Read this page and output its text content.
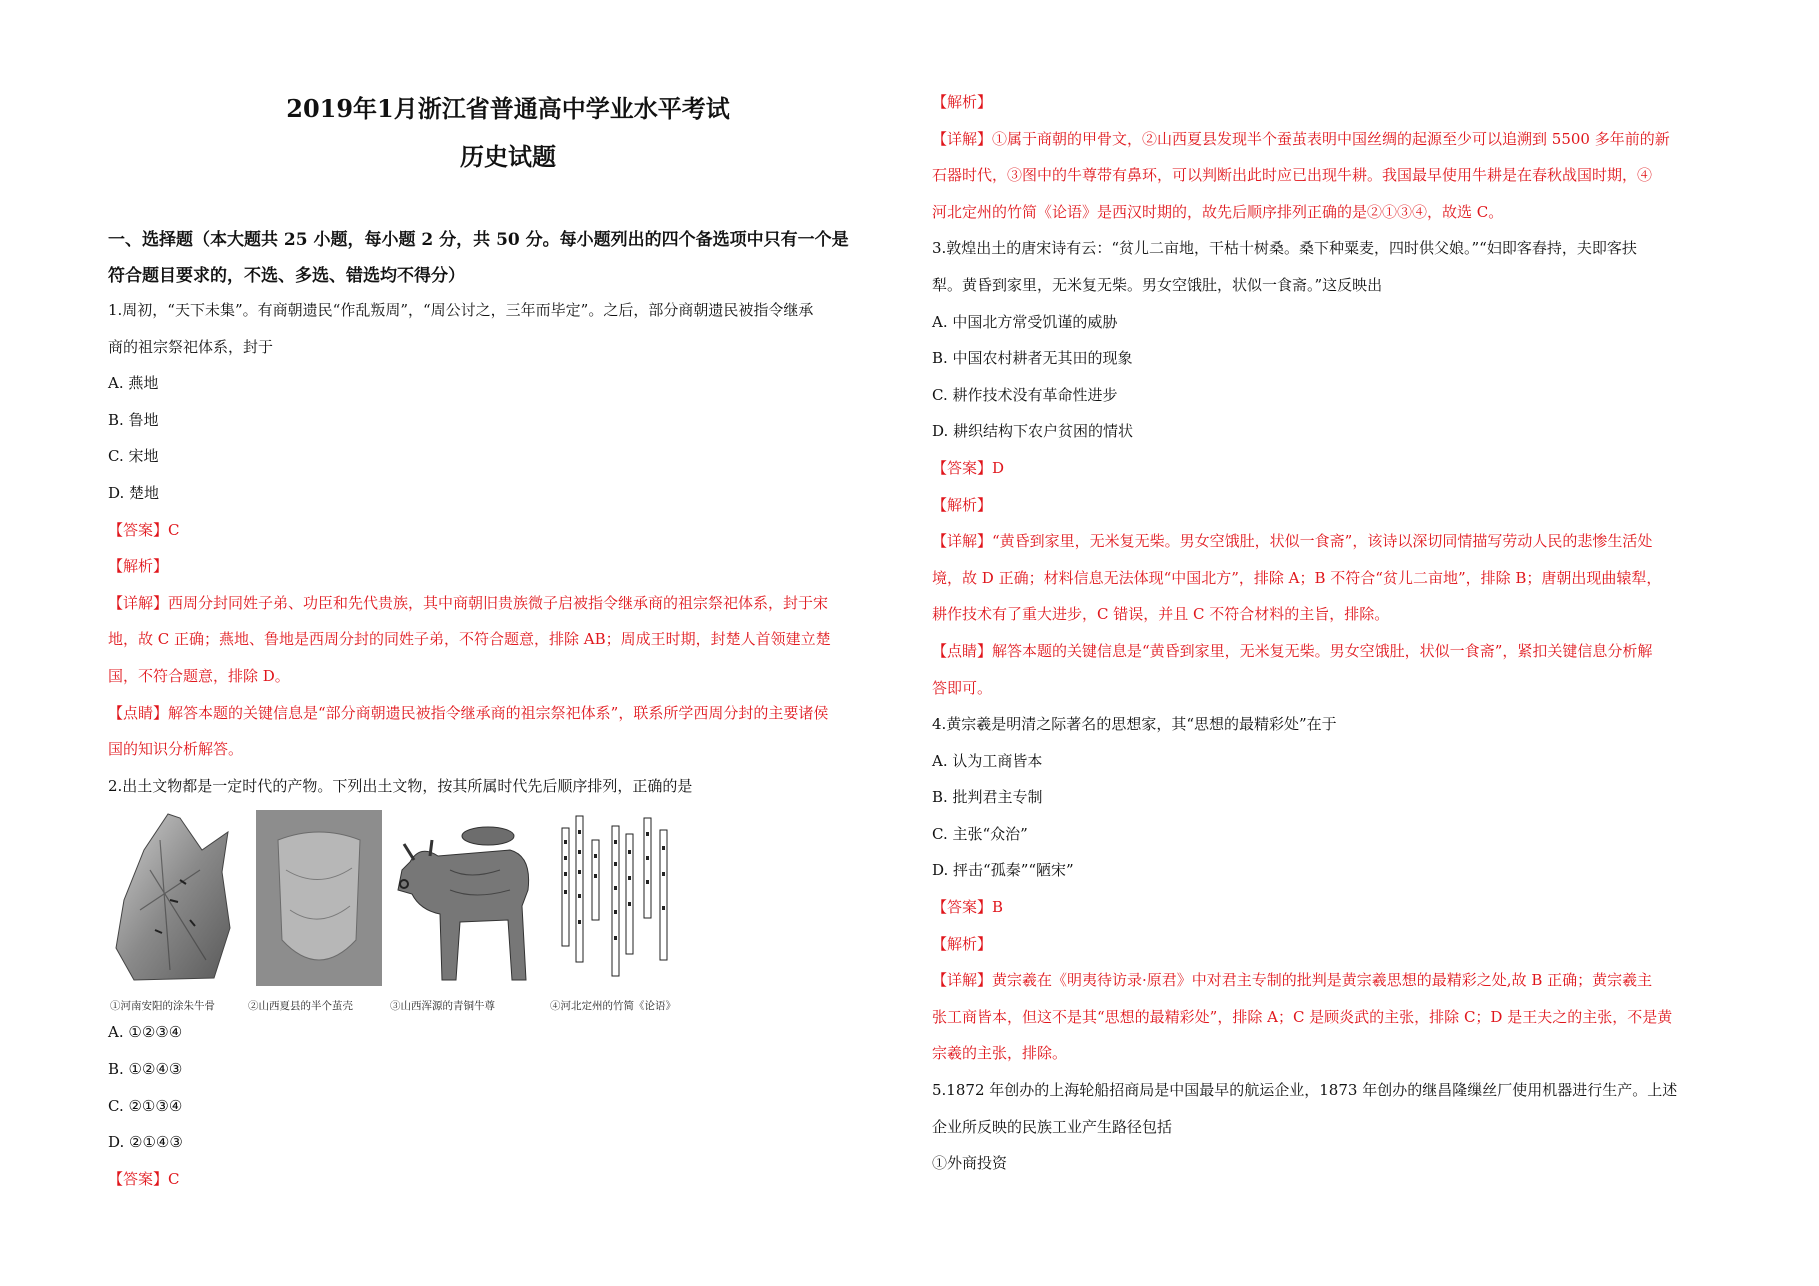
2019年1月浙江省普通高中学业水平考试
历史试题

一、选择题（本大题共 25 小题，每小题 2 分，共 50 分。每小题列出的四个备选项中只有一个是

符合题目要求的，不选、多选、错选均不得分）

1.周初，“天下未集”。有商朝遗民“作乱叛周”，“周公讨之，三年而毕定”。之后，部分商朝遗民被指令继承

商的祖宗祭祀体系，封于

A. 燕地

B. 鲁地

C. 宋地

D. 楚地

【答案】C

【解析】

【详解】西周分封同姓子弟、功臣和先代贵族，其中商朝旧贵族微子启被指令继承商的祖宗祭祀体系，封于宋

地，故 C 正确；燕地、鲁地是西周分封的同姓子弟，不符合题意，排除 AB；周成王时期，封楚人首领建立楚

国，不符合题意，排除 D。

【点睛】解答本题的关键信息是“部分商朝遗民被指令继承商的祖宗祭祀体系”，联系所学西周分封的主要诸侯

国的知识分析解答。

2.出土文物都是一定时代的产物。下列出土文物，按其所属时代先后顺序排列，正确的是

①河南安阳的涂朱牛骨	②山西夏县的半个茧壳	③山西浑源的青铜牛尊	④河北定州的竹简《论语》

A. ①②③④

B. ①②④③

C. ②①③④

D. ②①④③

【答案】C

【解析】

【详解】①属于商朝的甲骨文，②山西夏县发现半个蚕茧表明中国丝绸的起源至少可以追溯到 5500 多年前的新

石器时代，③图中的牛尊带有鼻环，可以判断出此时应已出现牛耕。我国最早使用牛耕是在春秋战国时期，④

河北定州的竹简《论语》是西汉时期的，故先后顺序排列正确的是②①③④，故选 C。

3.敦煌出土的唐宋诗有云：“贫儿二亩地，干枯十树桑。桑下种粟麦，四时供父娘。”“妇即客舂持，夫即客扶

犁。黄昏到家里，无米复无柴。男女空饿肚，状似一食斋。”这反映出

A. 中国北方常受饥谨的威胁

B. 中国农村耕者无其田的现象

C. 耕作技术没有革命性进步

D. 耕织结构下农户贫困的情状

【答案】D

【解析】

【详解】“黄昏到家里，无米复无柴。男女空饿肚，状似一食斋”，该诗以深切同情描写劳动人民的悲惨生活处

境，故 D 正确；材料信息无法体现“中国北方”，排除 A；B 不符合“贫儿二亩地”，排除 B；唐朝出现曲辕犁，

耕作技术有了重大进步，C 错误，并且 C 不符合材料的主旨，排除。

【点睛】解答本题的关键信息是“黄昏到家里，无米复无柴。男女空饿肚，状似一食斋”，紧扣关键信息分析解

答即可。

4.黄宗羲是明清之际著名的思想家，其“思想的最精彩处”在于

A. 认为工商皆本

B. 批判君主专制

C. 主张“众治”

D. 抨击“孤秦”“陋宋”

【答案】B

【解析】

【详解】黄宗羲在《明夷待访录·原君》中对君主专制的批判是黄宗羲思想的最精彩之处,故 B 正确；黄宗羲主

张工商皆本，但这不是其“思想的最精彩处”，排除 A；C 是顾炎武的主张，排除 C；D 是王夫之的主张，不是黄

宗羲的主张，排除。

5.1872 年创办的上海轮船招商局是中国最早的航运企业，1873 年创办的继昌隆缫丝厂使用机器进行生产。上述

企业所反映的民族工业产生路径包括

①外商投资
